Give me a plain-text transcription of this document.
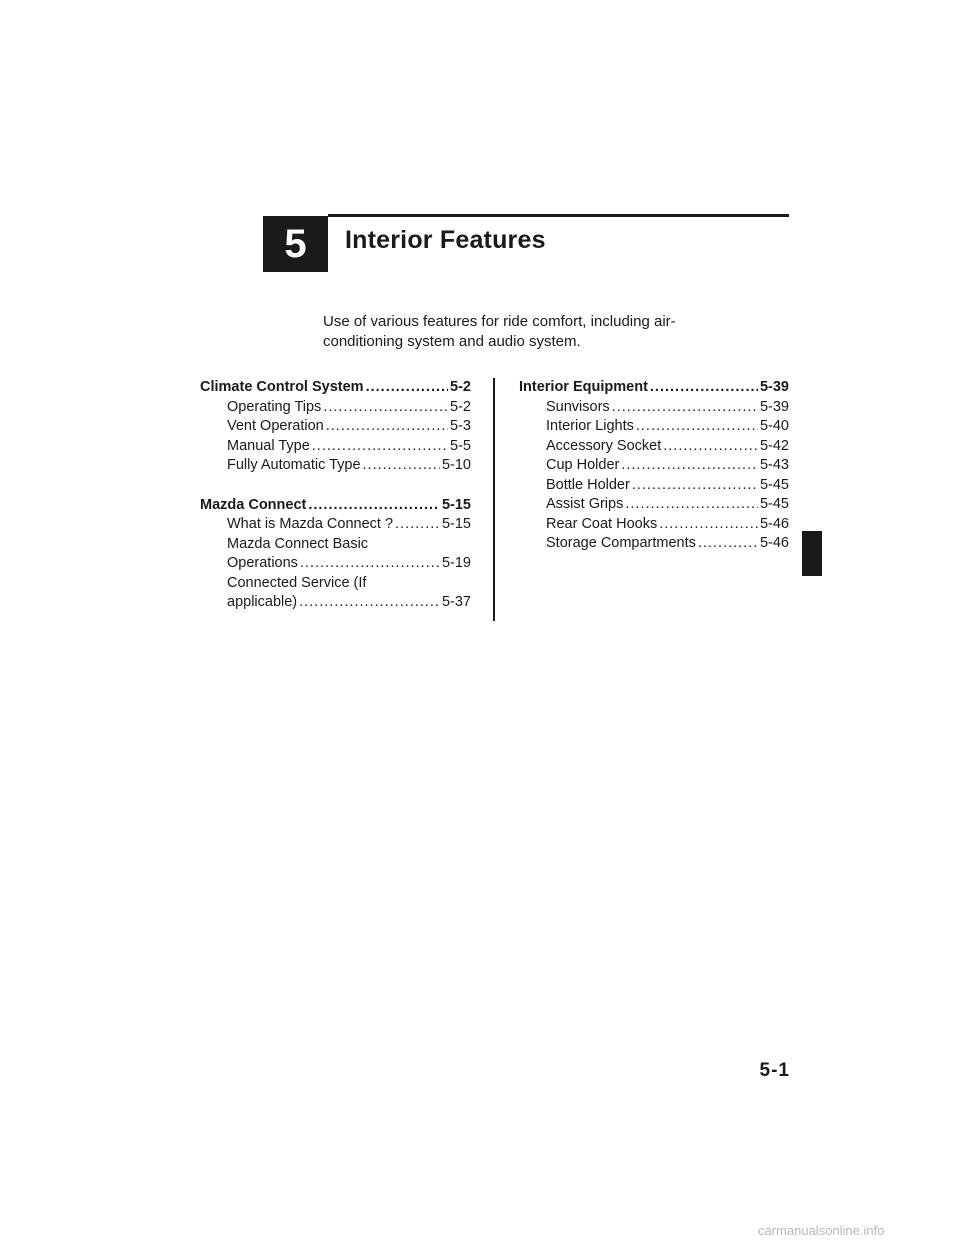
5	Interior Features
Use of various features for ride comfort, including air-conditioning system and audio system.
Climate Control System .....	5-2
Operating Tips .....	5-2
Vent Operation .....	5-3
Manual Type .....	5-5
Fully Automatic Type .....	5-10
Mazda Connect .....	5-15
What is Mazda Connect ? .....	5-15
Mazda Connect Basic
Operations .....	5-19
Connected Service (If
applicable) .....	5-37
Interior Equipment .....	5-39
Sunvisors .....	5-39
Interior Lights .....	5-40
Accessory Socket .....	5-42
Cup Holder .....	5-43
Bottle Holder .....	5-45
Assist Grips .....	5-45
Rear Coat Hooks .....	5-46
Storage Compartments .....	5-46
5-1
carmanualsonline.info
